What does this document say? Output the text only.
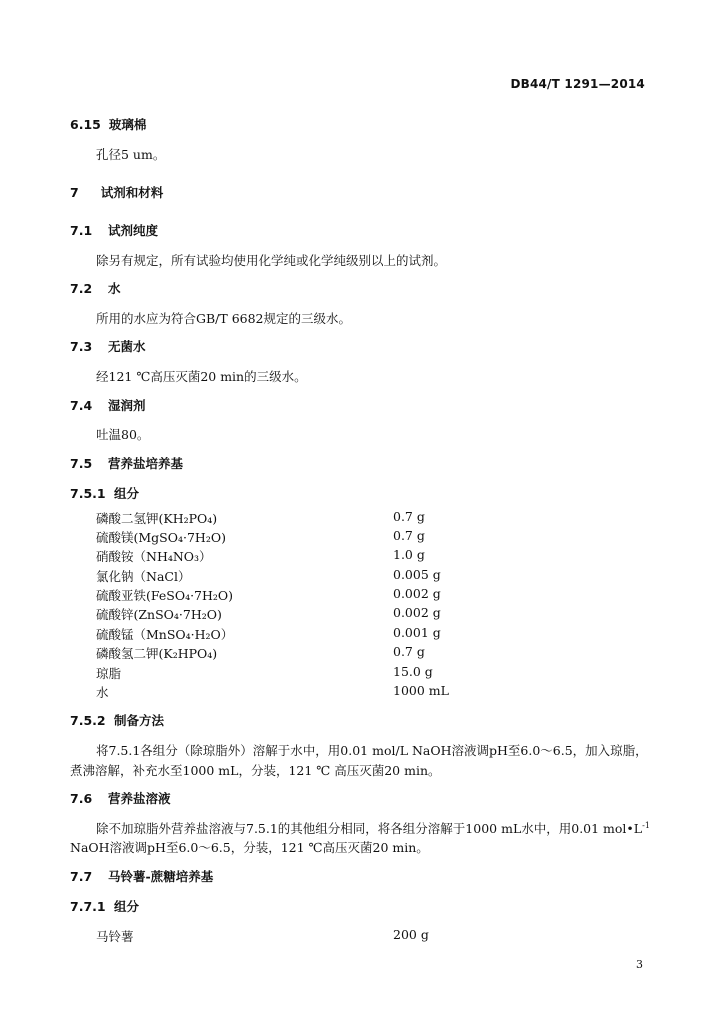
DB44/T 1291—2014
6.15 玻璃棉
孔径5 um。
7 试剂和材料
7.1 试剂纯度
除另有规定，所有试验均使用化学纯或化学纯级别以上的试剂。
7.2 水
所用的水应为符合GB/T 6682规定的三级水。
7.3 无菌水
经121 ℃高压灭菌20 min的三级水。
7.4 湿润剂
吐温80。
7.5 营养盐培养基
7.5.1 组分
磷酸二氢钾(KH₂PO₄)	0.7 g
硫酸镁(MgSO₄·7H₂O)	0.7 g
硝酸铵（NH₄NO₃）	1.0 g
氯化钠（NaCl）	0.005 g
硫酸亚铁(FeSO₄·7H₂O)	0.002 g
硫酸锌(ZnSO₄·7H₂O)	0.002 g
硫酸锰（MnSO₄·H₂O）	0.001 g
磷酸氢二钾(K₂HPO₄)	0.7 g
琼脂	15.0 g
水	1000 mL
7.5.2 制备方法
将7.5.1各组分（除琼脂外）溶解于水中，用0.01 mol/L NaOH溶液调pH至6.0～6.5，加入琼脂，
煮沸溶解，补充水至1000 mL，分装，121 ℃ 高压灭菌20 min。
7.6 营养盐溶液
除不加琼脂外营养盐溶液与7.5.1的其他组分相同，将各组分溶解于1000 mL水中，用0.01 $mol•L^{-1}$
NaOH溶液调pH至6.0～6.5，分装，121 ℃高压灭菌20 min。
7.7 马铃薯-蔗糖培养基
7.7.1 组分
马铃薯	200 g
3
